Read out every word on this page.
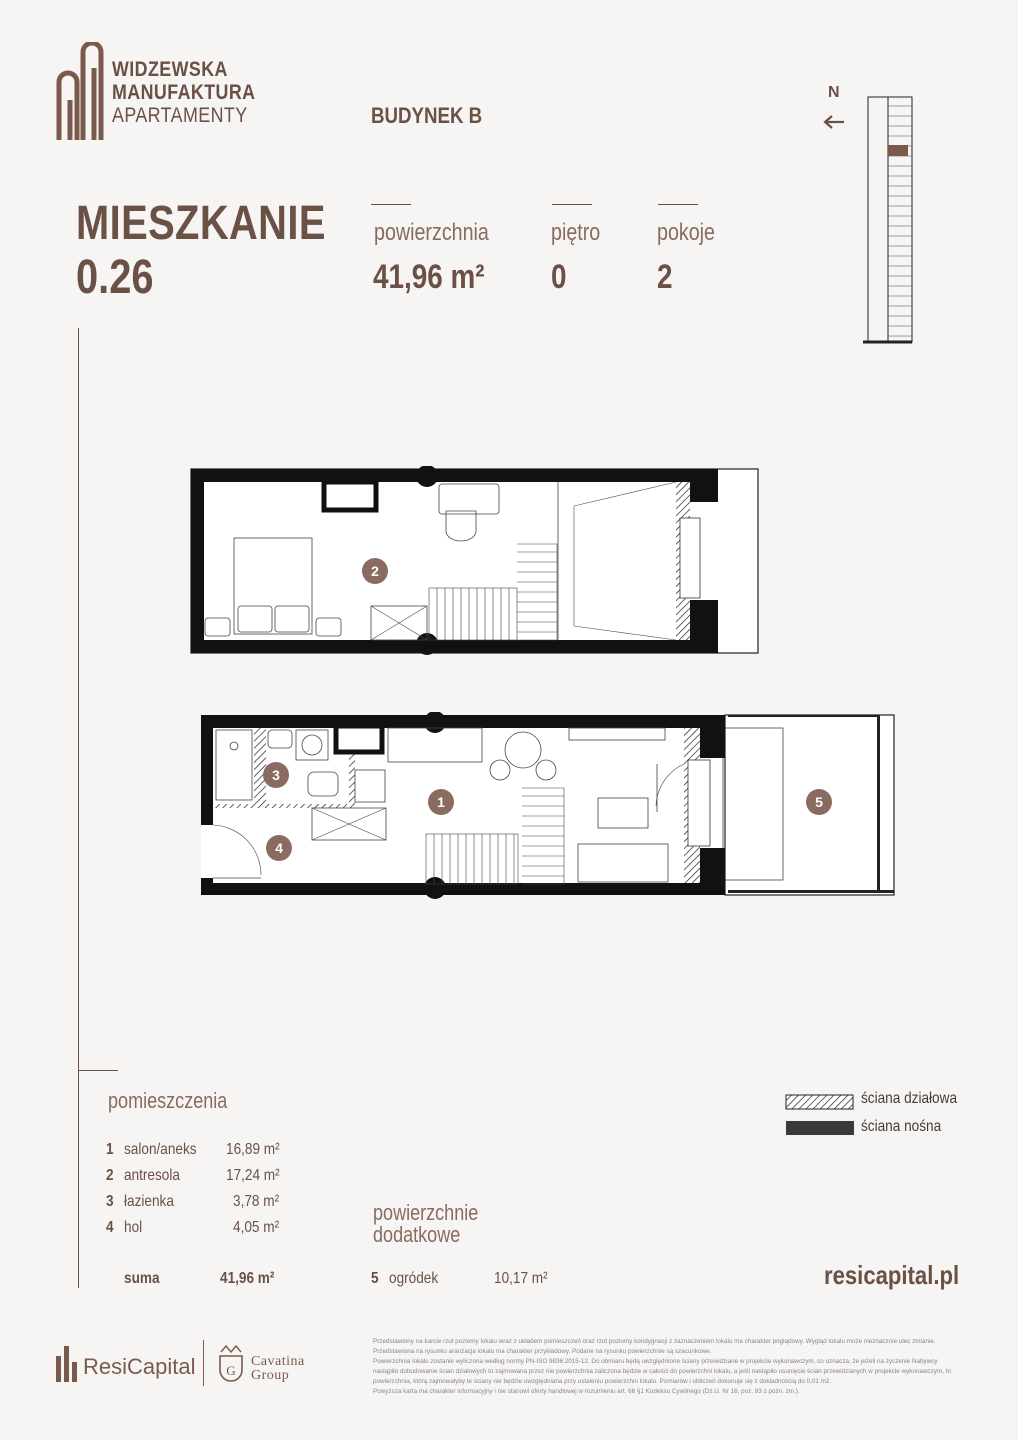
WIDZEWSKA
MANUFAKTURA
APARTAMENTY	BUDYNEK B
MIESZKANIE
0.26
powierzchnia
41,96 m²
piętro
0
pokoje
2
N
2
1
3
4
5
pomieszczenia
1 salon/aneks 16,89 m²
2 antresola	17,24 m²
3 łazienka	3,78 m²
4 hol	4,05 m²
suma	41,96 m²
powierzchnie
dodatkowe
5 ogródek	10,17 m²
ściana działowa
ściana nośna
resicapital.pl
ResiCapital G
Cavatina
Group
Przedstawiony na karcie rzut poziomy lokalu wraz z układem pomieszczeń oraz rzut poziomy kondygnacji z zaznaczeniem lokalu ma charakter poglądowy. Wygląd lokalu może nieznacznie ulec zmianie.
Przedstawiona na rysunku aranżacja lokalu ma charakter przykładowy. Podane na rysunku powierzchnie są szacunkowe.
Powierzchnia lokalu zostanie wyliczona według normy PN-ISO 9836:2015-12. Do obmiaru będą uwzględnione ściany przewidziane w projekcie wykonawczym, co oznacza, że jeżeli na życzenie Nabywcy nastąpiło dobudowanie ścian działowych to zajmowana przez nie powierzchnia zaliczona będzie w całości do powierzchni lokalu, a jeśli nastąpiło usunięcie ścian przewidzianych w projekcie wykonawczym, to powierzchnia, którą zajmowałyby te ściany nie będzie uwzględniana przy ustaleniu powierzchni lokalu. Pomiarów i obliczeń dokonuje się z dokładnością do 0,01 m2.
Powyższa karta ma charakter informacyjny i nie stanowi oferty handlowej w rozumieniu art. 66 §1 Kodeksu Cywilnego (Dz.U. Nr 16, poz. 93 z późn. zm.).
